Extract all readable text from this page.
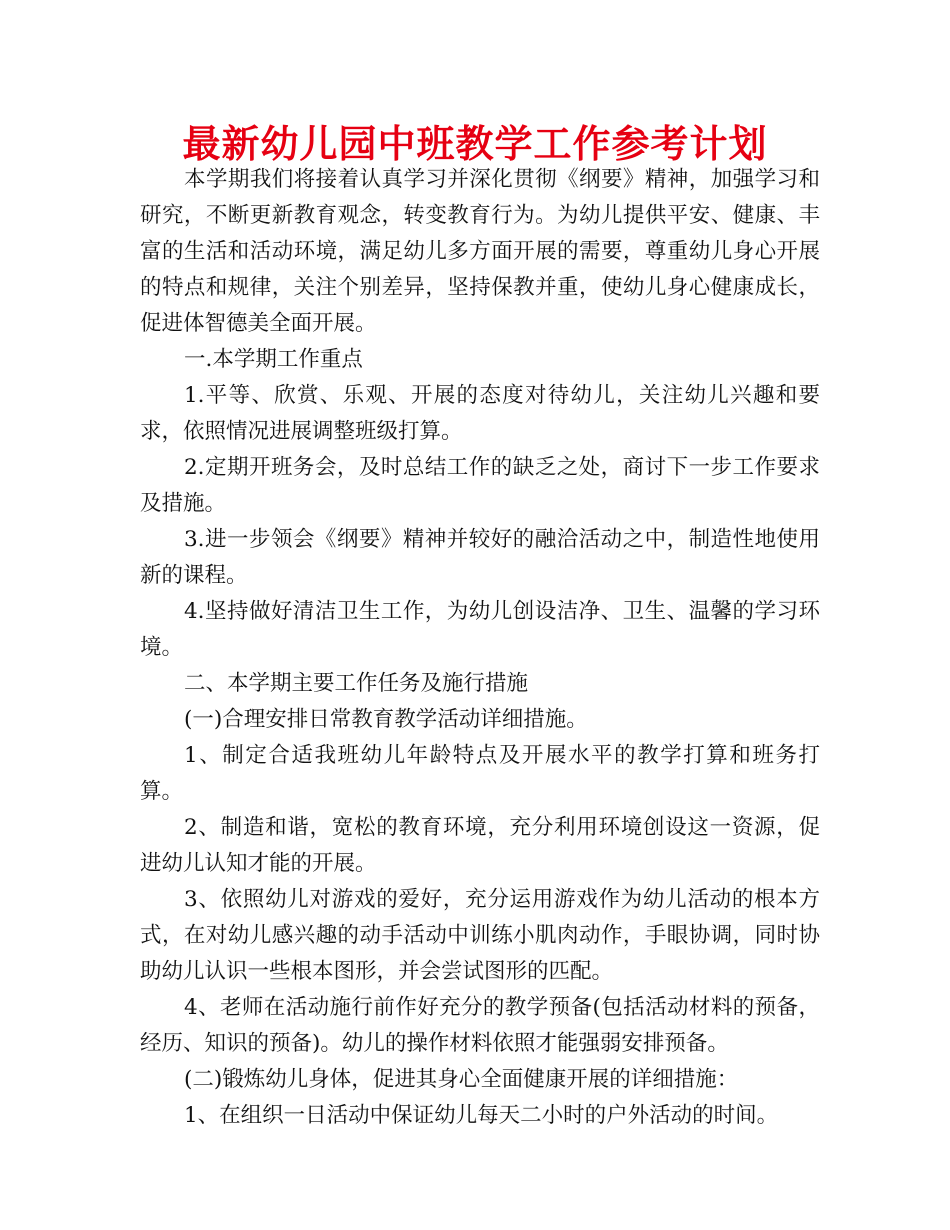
最新幼儿园中班教学工作参考计划

本学期我们将接着认真学习并深化贯彻《纲要》精神，加强学习和研究，不断更新教育观念，转变教育行为。为幼儿提供平安、健康、丰富的生活和活动环境，满足幼儿多方面开展的需要，尊重幼儿身心开展的特点和规律，关注个别差异，坚持保教并重，使幼儿身心健康成长，促进体智德美全面开展。

一.本学期工作重点

1.平等、欣赏、乐观、开展的态度对待幼儿，关注幼儿兴趣和要求，依照情况进展调整班级打算。

2.定期开班务会，及时总结工作的缺乏之处，商讨下一步工作要求及措施。

3.进一步领会《纲要》精神并较好的融洽活动之中，制造性地使用新的课程。

4.坚持做好清洁卫生工作，为幼儿创设洁净、卫生、温馨的学习环境。

二、本学期主要工作任务及施行措施

(一)合理安排日常教育教学活动详细措施。

1、制定合适我班幼儿年龄特点及开展水平的教学打算和班务打算。

2、制造和谐，宽松的教育环境，充分利用环境创设这一资源，促进幼儿认知才能的开展。

3、依照幼儿对游戏的爱好，充分运用游戏作为幼儿活动的根本方式，在对幼儿感兴趣的动手活动中训练小肌肉动作，手眼协调，同时协助幼儿认识一些根本图形，并会尝试图形的匹配。

4、老师在活动施行前作好充分的教学预备(包括活动材料的预备，经历、知识的预备)。幼儿的操作材料依照才能强弱安排预备。

(二)锻炼幼儿身体，促进其身心全面健康开展的详细措施：

1、在组织一日活动中保证幼儿每天二小时的户外活动的时间。
